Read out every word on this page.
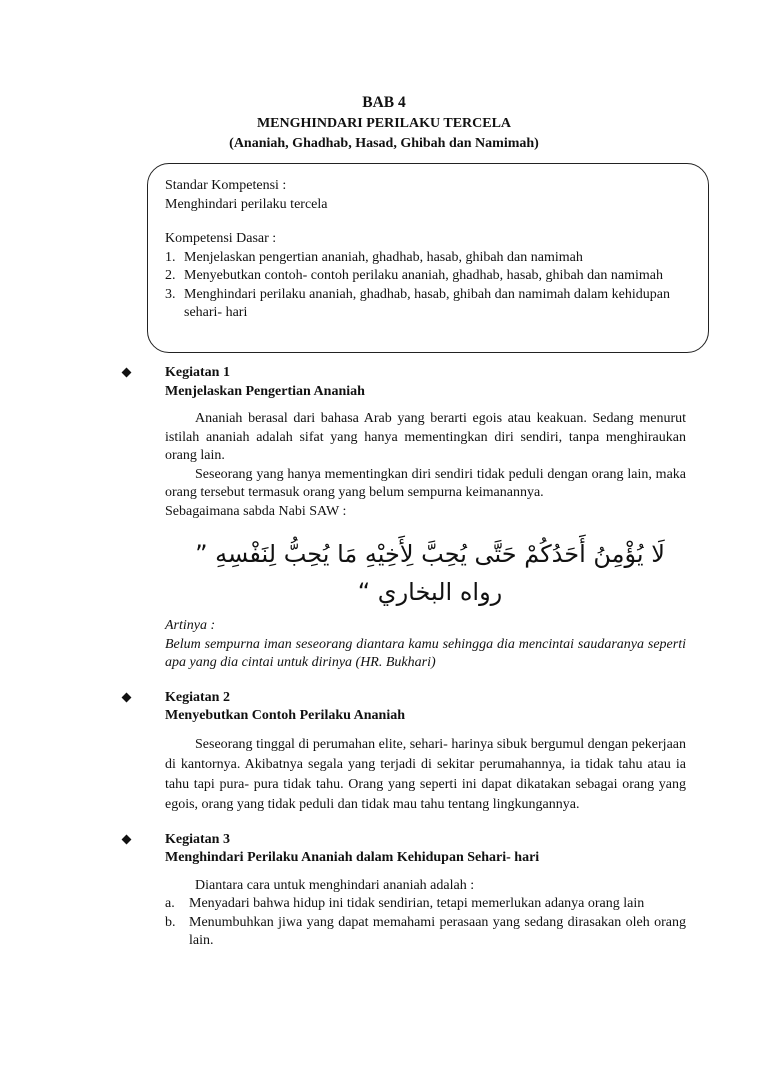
BAB 4
MENGHINDARI PERILAKU TERCELA
(Ananiah, Ghadhab, Hasad, Ghibah dan Namimah)
Standar Kompetensi :
Menghindari perilaku tercela
Kompetensi Dasar :
1. Menjelaskan pengertian ananiah, ghadhab, hasab, ghibah dan namimah
2. Menyebutkan contoh- contoh perilaku ananiah, ghadhab, hasab, ghibah dan namimah
3. Menghindari perilaku ananiah, ghadhab, hasab, ghibah dan namimah dalam kehidupan sehari- hari
Kegiatan 1
Menjelaskan Pengertian Ananiah
Ananiah berasal dari bahasa Arab yang berarti egois atau keakuan. Sedang menurut istilah ananiah adalah sifat yang hanya mementingkan diri sendiri, tanpa menghiraukan orang lain.
Seseorang yang hanya mementingkan diri sendiri tidak peduli dengan orang lain, maka orang tersebut termasuk orang yang belum sempurna keimanannya.
Sebagaimana sabda Nabi SAW :
لَا يُؤْمِنُ أَحَدُكُمْ حَتَّى يُحِبَّ لِأَخِيْهِ مَا يُحِبُّ لِنَفْسِهِ ” رواه البخاري “
Artinya :
Belum sempurna iman seseorang diantara kamu sehingga dia mencintai saudaranya seperti apa yang dia cintai untuk dirinya (HR. Bukhari)
Kegiatan 2
Menyebutkan Contoh Perilaku Ananiah
Seseorang tinggal di perumahan elite, sehari- harinya sibuk bergumul dengan pekerjaan di kantornya. Akibatnya segala yang terjadi di sekitar perumahannya, ia tidak tahu atau ia tahu tapi pura- pura tidak tahu. Orang yang seperti ini dapat dikatakan sebagai orang yang egois, orang yang tidak peduli dan tidak mau tahu tentang lingkungannya.
Kegiatan 3
Menghindari Perilaku Ananiah dalam Kehidupan Sehari- hari
Diantara cara untuk menghindari ananiah adalah :
a.	Menyadari bahwa hidup ini tidak sendirian, tetapi memerlukan adanya orang lain
b. Menumbuhkan jiwa yang dapat memahami perasaan yang sedang dirasakan oleh orang lain.
